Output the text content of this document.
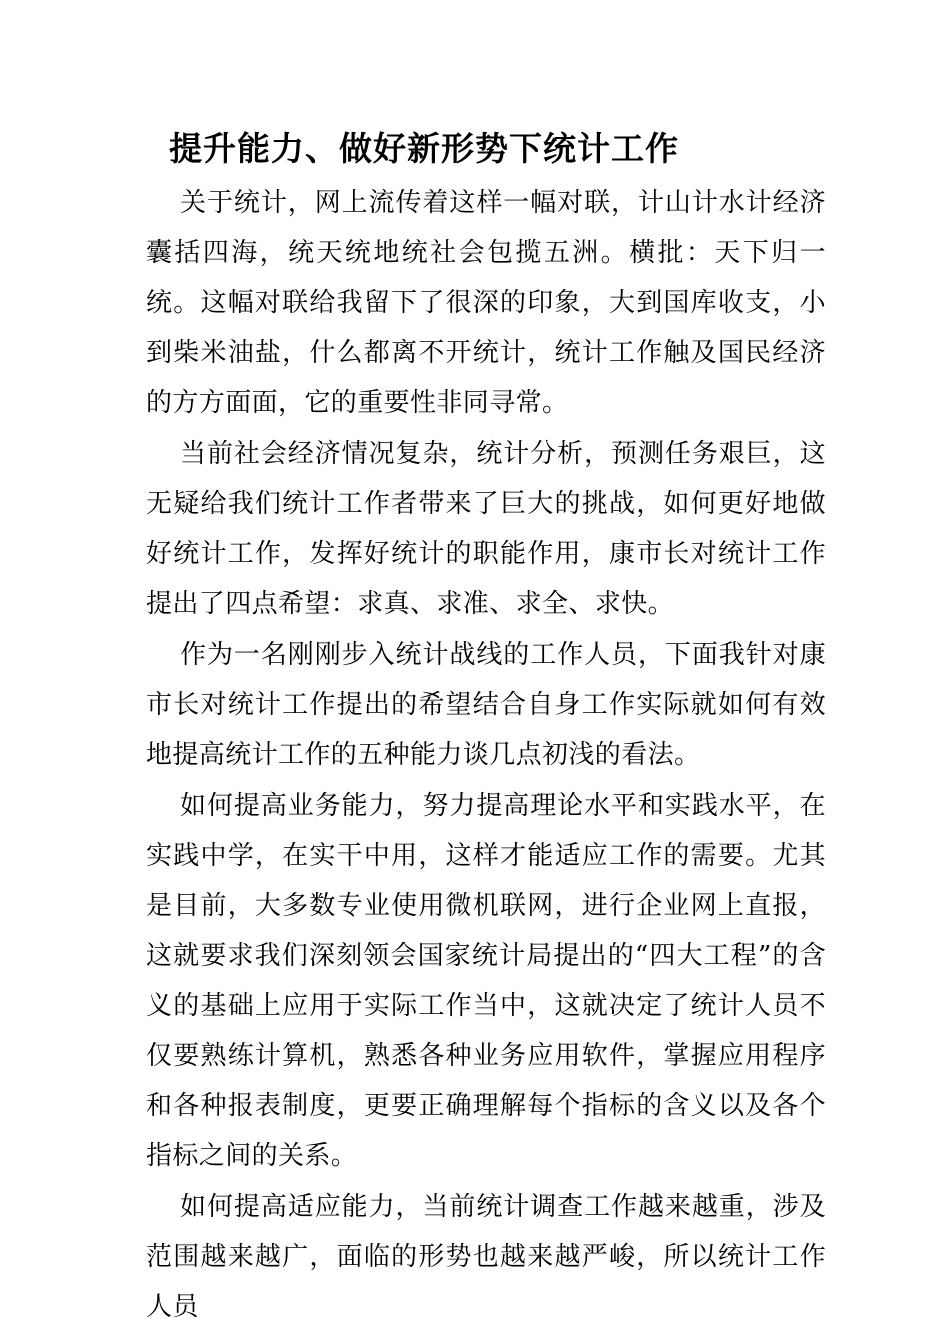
提升能力、做好新形势下统计工作

关于统计，网上流传着这样一幅对联，计山计水计经济囊括四海，统天统地统社会包揽五洲。横批：天下归一统。这幅对联给我留下了很深的印象，大到国库收支，小到柴米油盐，什么都离不开统计，统计工作触及国民经济的方方面面，它的重要性非同寻常。

当前社会经济情况复杂，统计分析，预测任务艰巨，这无疑给我们统计工作者带来了巨大的挑战，如何更好地做好统计工作，发挥好统计的职能作用，康市长对统计工作提出了四点希望：求真、求准、求全、求快。

作为一名刚刚步入统计战线的工作人员，下面我针对康市长对统计工作提出的希望结合自身工作实际就如何有效地提高统计工作的五种能力谈几点初浅的看法。

如何提高业务能力，努力提高理论水平和实践水平，在实践中学，在实干中用，这样才能适应工作的需要。尤其是目前，大多数专业使用微机联网，进行企业网上直报，这就要求我们深刻领会国家统计局提出的“四大工程”的含义的基础上应用于实际工作当中，这就决定了统计人员不仅要熟练计算机，熟悉各种业务应用软件，掌握应用程序和各种报表制度，更要正确理解每个指标的含义以及各个指标之间的关系。

如何提高适应能力，当前统计调查工作越来越重，涉及范围越来越广，面临的形势也越来越严峻，所以统计工作人员
